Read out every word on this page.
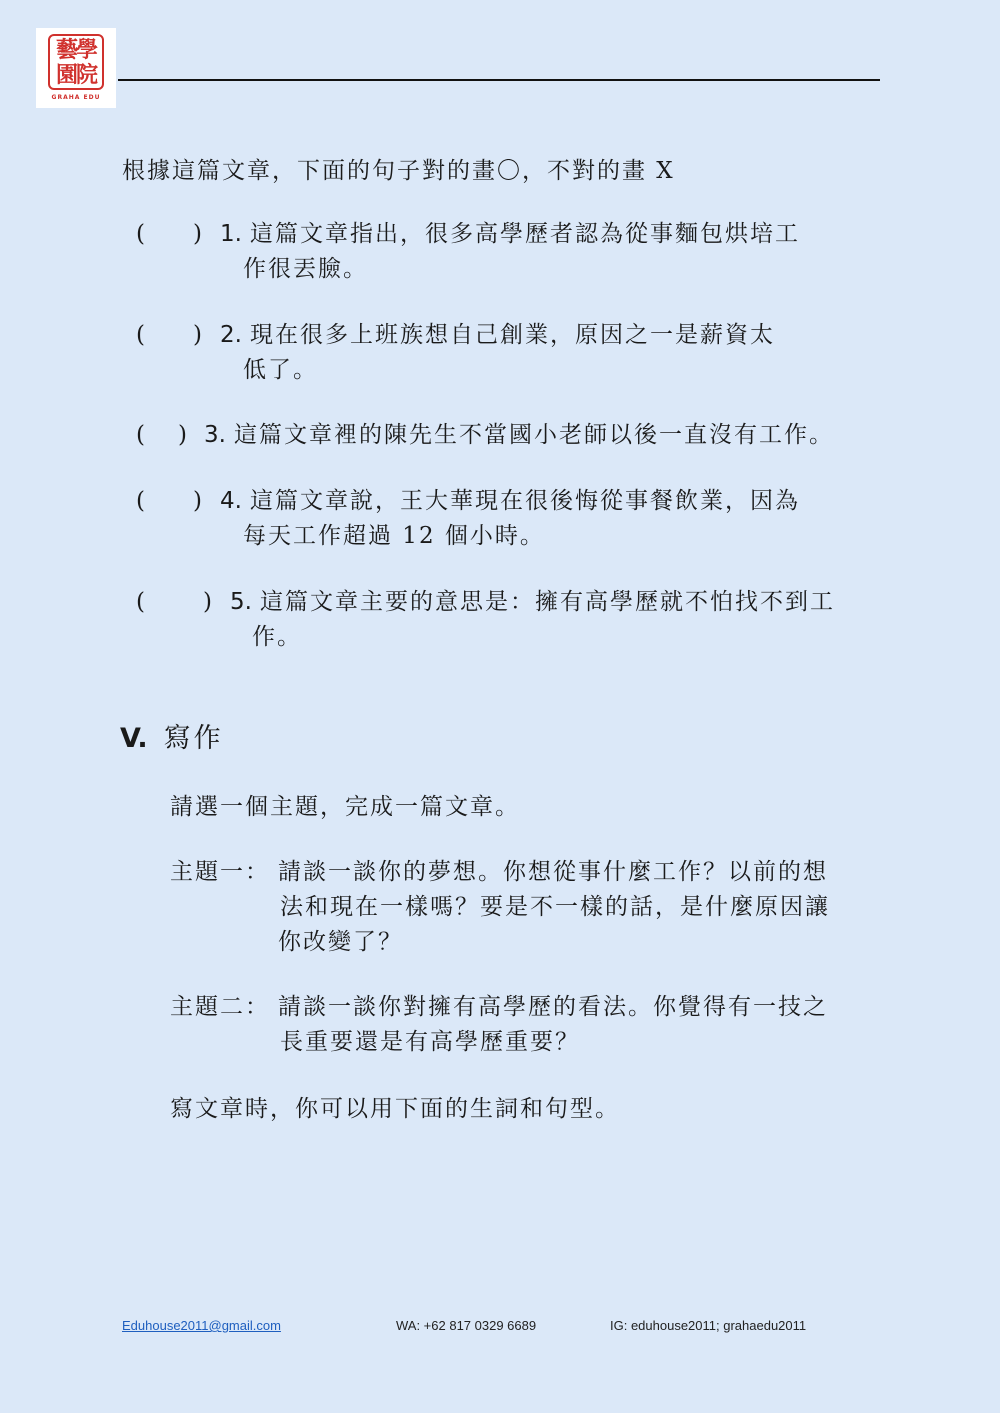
藝學
園院
GRAHA EDU
根據這篇文章，下面的句子對的畫〇，不對的畫 X
( ) 1. 這篇文章指出，很多高學歷者認為從事麵包烘培工
作很丟臉。
( ) 2. 現在很多上班族想自己創業，原因之一是薪資太
低了。
( ) 3. 這篇文章裡的陳先生不當國小老師以後一直沒有工作。
( ) 4. 這篇文章說，王大華現在很後悔從事餐飲業，因為
每天工作超過 12 個小時。
( ) 5. 這篇文章主要的意思是：擁有高學歷就不怕找不到工
作。
V. 寫作
請選一個主題，完成一篇文章。
主題一： 請談一談你的夢想。你想從事什麼工作？以前的想
法和現在一樣嗎？要是不一樣的話，是什麼原因讓
你改變了？
主題二： 請談一談你對擁有高學歷的看法。你覺得有一技之
長重要還是有高學歷重要？
寫文章時，你可以用下面的生詞和句型。
Eduhouse2011@gmail.com	WA: +62 817 0329 6689	IG: eduhouse2011; grahaedu2011
